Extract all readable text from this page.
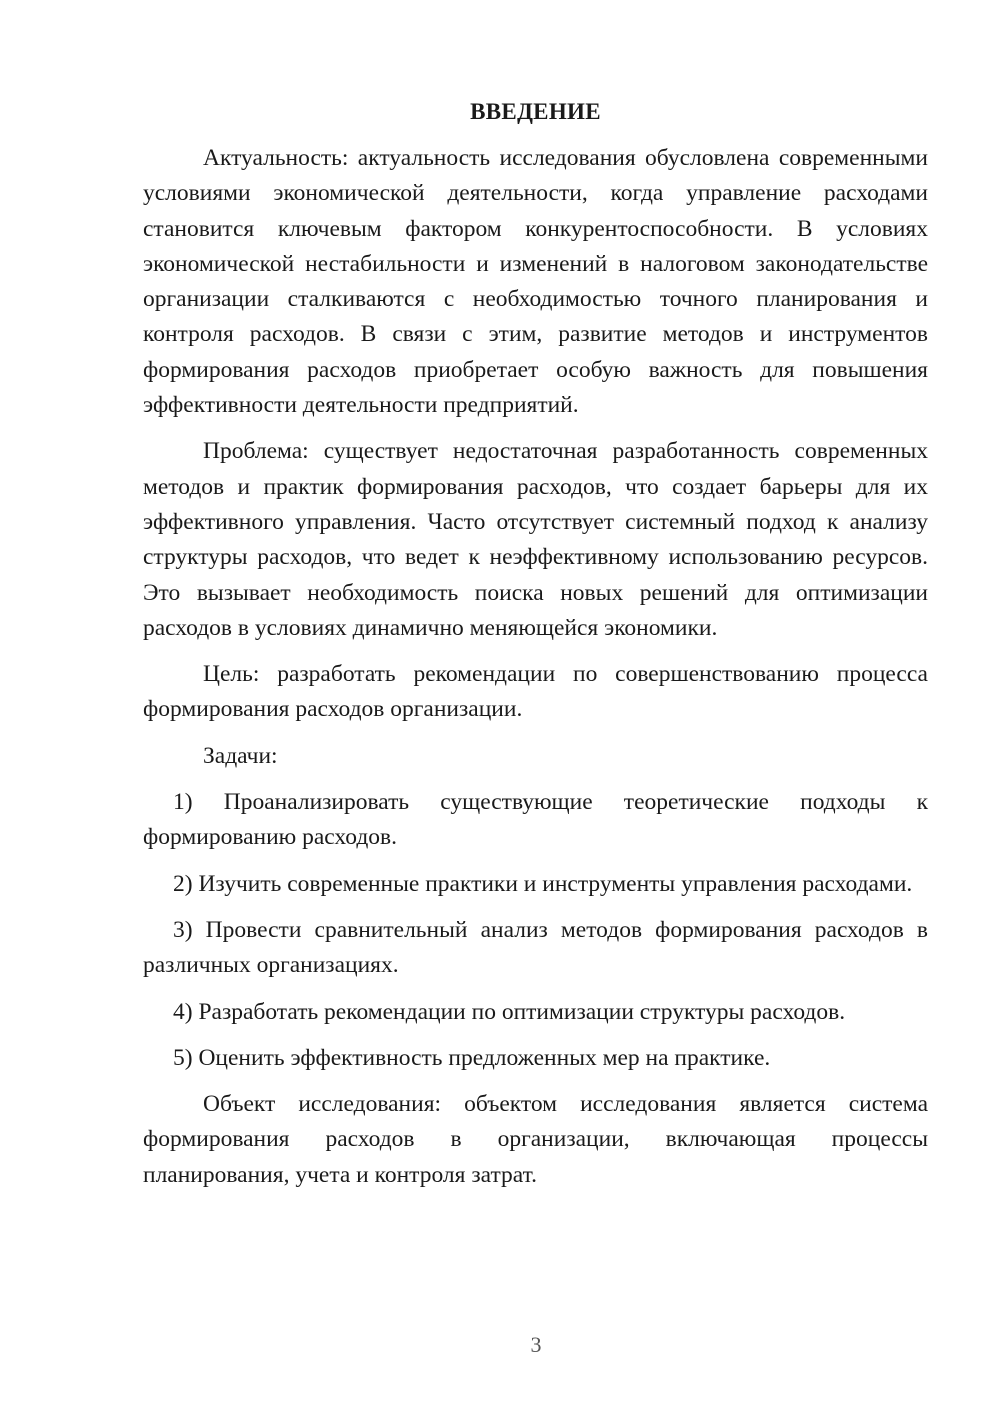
ВВЕДЕНИЕ

Актуальность: актуальность исследования обусловлена современными условиями экономической деятельности, когда управление расходами становится ключевым фактором конкурентоспособности. В условиях экономической нестабильности и изменений в налоговом законодательстве организации сталкиваются с необходимостью точного планирования и контроля расходов. В связи с этим, развитие методов и инструментов формирования расходов приобретает особую важность для повышения эффективности деятельности предприятий.

Проблема: существует недостаточная разработанность современных методов и практик формирования расходов, что создает барьеры для их эффективного управления. Часто отсутствует системный подход к анализу структуры расходов, что ведет к неэффективному использованию ресурсов. Это вызывает необходимость поиска новых решений для оптимизации расходов в условиях динамично меняющейся экономики.

Цель: разработать рекомендации по совершенствованию процесса формирования расходов организации.

Задачи:

1) Проанализировать существующие теоретические подходы к формированию расходов.

2) Изучить современные практики и инструменты управления расходами.

3) Провести сравнительный анализ методов формирования расходов в различных организациях.

4) Разработать рекомендации по оптимизации структуры расходов.

5) Оценить эффективность предложенных мер на практике.

Объект исследования: объектом исследования является система формирования расходов в организации, включающая процессы планирования, учета и контроля затрат.

3
